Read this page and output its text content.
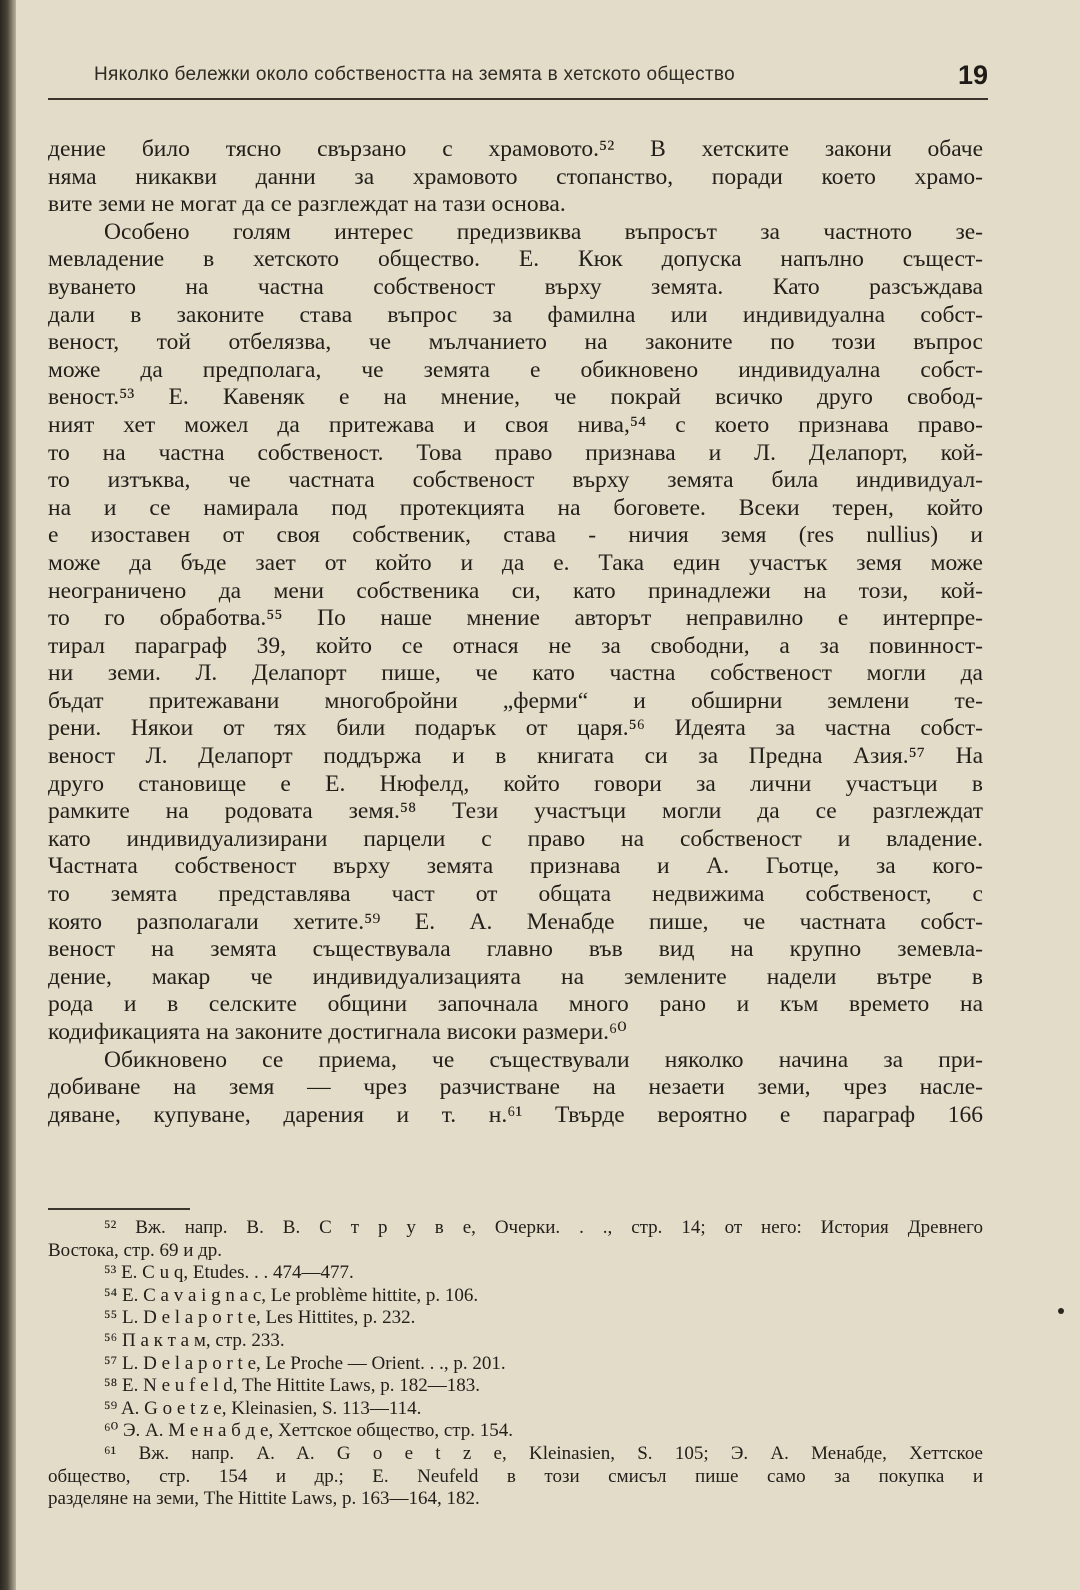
Няколко бележки около собствеността на земята в хетското общество	19
дение било тясно свързано с храмовото.⁵² В хетските закони обаче
няма никакви данни за храмовото стопанство, поради което храмо-
вите земи не могат да се разглеждат на тази основа.
Особено голям интерес предизвиква въпросът за частното зе-
мевладение в хетското общество. Е. Кюк допуска напълно същест-
вуването на частна собственост върху земята. Като разсъждава
дали в законите става въпрос за фамилна или индивидуална собст-
веност, той отбелязва, че мълчанието на законите по този въпрос
може да предполага, че земята е обикновено индивидуална собст-
веност.⁵³ Е. Кавеняк е на мнение, че покрай всичко друго свобод-
ният хет можел да притежава и своя нива,⁵⁴ с което признава право-
то на частна собственост. Това право признава и Л. Делапорт, кой-
то изтъква, че частната собственост върху земята била индивидуал-
на и се намирала под протекцията на боговете. Всеки терен, който
е изоставен от своя собственик, става - ничия земя (res nullius) и
може да бъде зает от който и да е. Така един участък земя може
неограничено да мени собственика си, като принадлежи на този, кой-
то го обработва.⁵⁵ По наше мнение авторът неправилно е интерпре-
тирал параграф 39, който се отнася не за свободни, а за повинност-
ни земи. Л. Делапорт пише, че като частна собственост могли да
бъдат притежавани многобройни „ферми“ и обширни землени те-
рени. Някои от тях били подарък от царя.⁵⁶ Идеята за частна собст-
веност Л. Делапорт поддържа и в книгата си за Предна Азия.⁵⁷ На
друго становище е Е. Нюфелд, който говори за лични участъци в
рамките на родовата земя.⁵⁸ Тези участъци могли да се разглеждат
като индивидуализирани парцели с право на собственост и владение.
Частната собственост върху земята признава и А. Гьотце, за кого-
то земята представлява част от общата недвижима собственост, с
която разполагали хетите.⁵⁹ Е. А. Менабде пише, че частната собст-
веност на земята съществувала главно във вид на крупно земевла-
дение, макар че индивидуализацията на землените надели вътре в
рода и в селските общини започнала много рано и към времето на
кодификацията на законите достигнала високи размери.⁶⁰
Обикновено се приема, че съществували няколко начина за при-
добиване на земя — чрез разчистване на незаети земи, чрез насле-
дяване, купуване, дарения и т. н.⁶¹ Твърде вероятно е параграф 166
⁵² Вж. напр. В. В. С т р у в е, Очерки. . ., стр. 14; от него: История Древнего
Востока, стр. 69 и др.
⁵³ E. C u q, Etudes. . . 474—477.
⁵⁴ E. C a v a i g n a c, Le problème hittite, p. 106.
⁵⁵ L. D e l a p o r t e, Les Hittites, p. 232.
⁵⁶ П а к т а м, стр. 233.
⁵⁷ L. D e l a p o r t e, Le Proche — Orient. . ., p. 201.
⁵⁸ E. N e u f e l d, The Hittite Laws, p. 182—183.
⁵⁹ A. G o e t z e, Kleinasien, S. 113—114.
⁶⁰ Э. А. М е н а б д е, Хеттское общество, стр. 154.
⁶¹ Вж. напр. A. A. G o e t z e, Kleinasien, S. 105; Э. А. Менабде, Хеттское
общество, стр. 154 и др.; E. Neufeld в този смисъл пише само за покупка и
разделяне на земи, The Hittite Laws, p. 163—164, 182.
